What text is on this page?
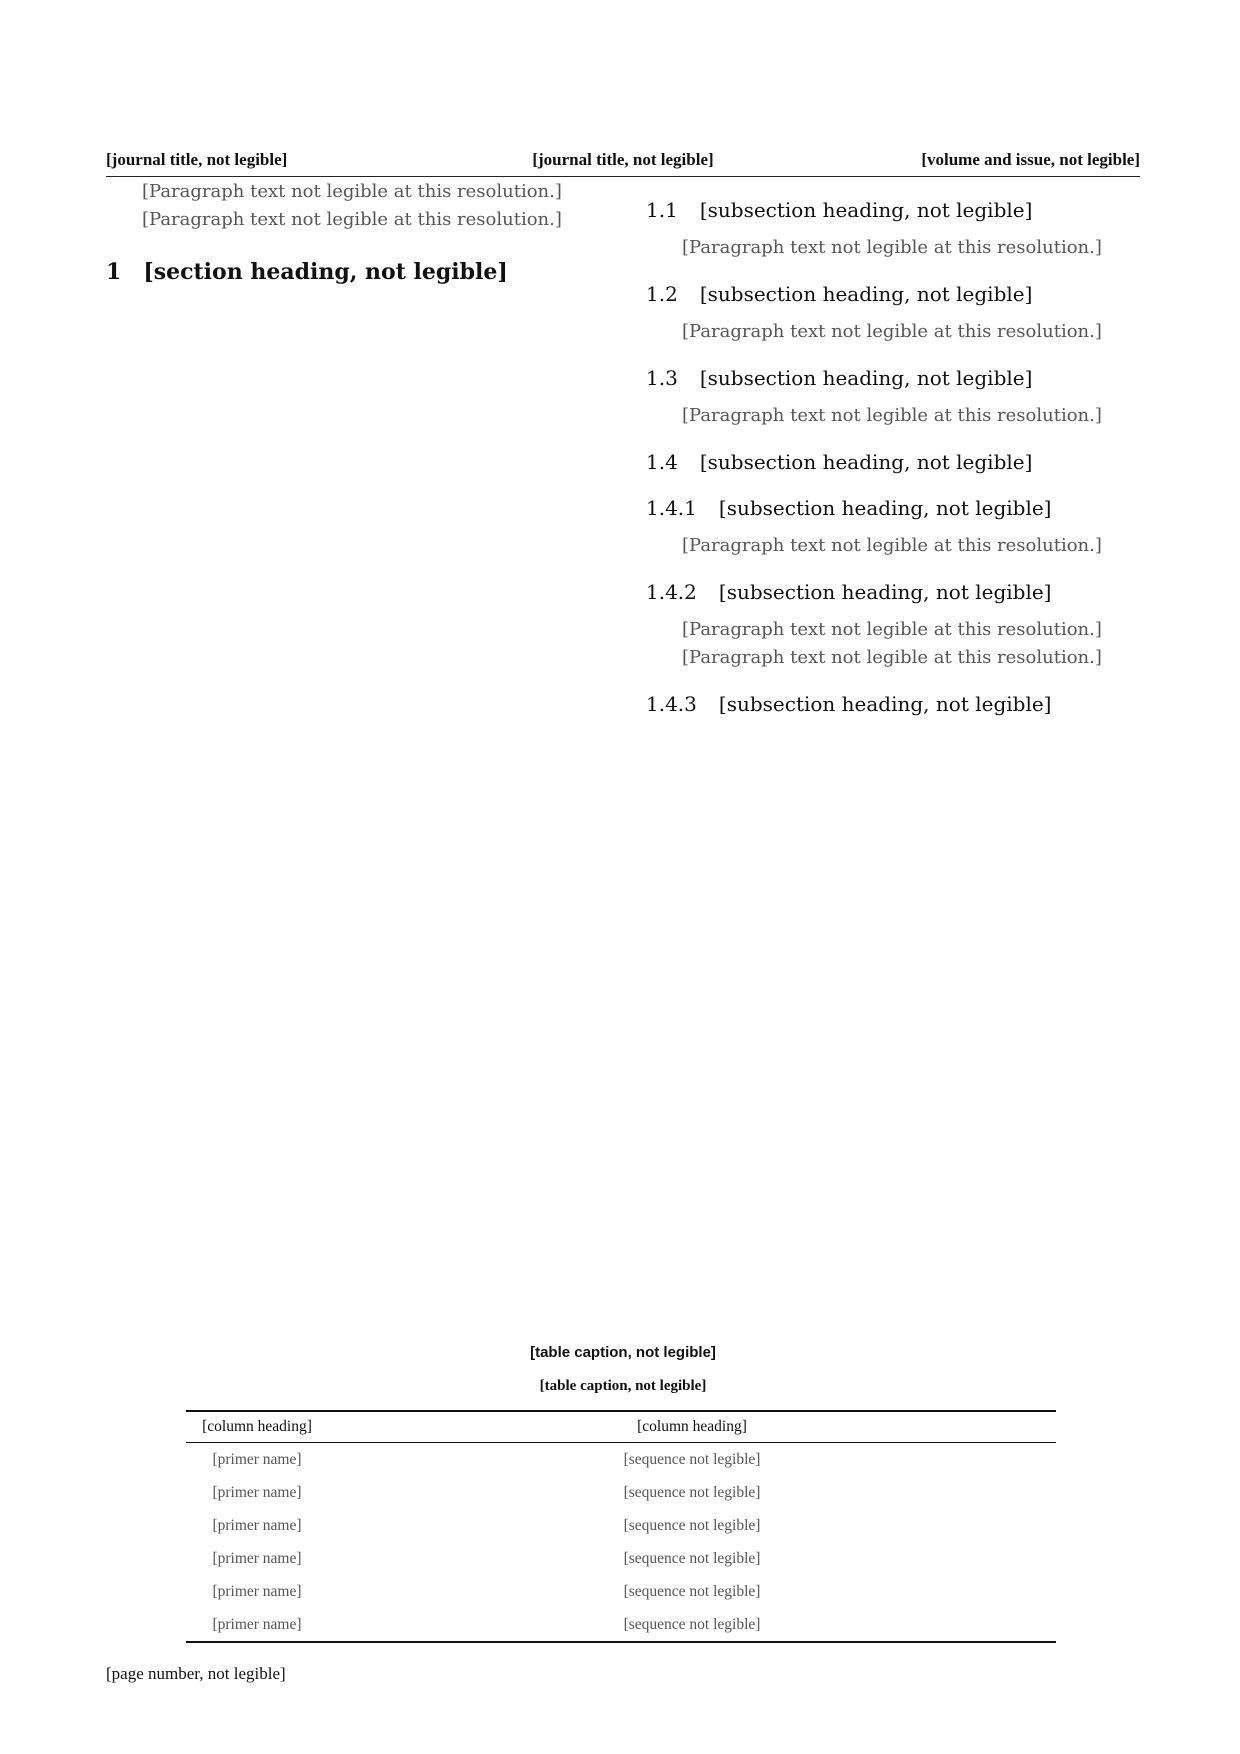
[journal title, not legible]	[journal title, not legible]	[volume and issue, not legible]

[Paragraph text not legible at this resolution.]

[Paragraph text not legible at this resolution.]

1 [section heading, not legible]
1.1 [subsection heading, not legible]

[Paragraph text not legible at this resolution.]

1.2 [subsection heading, not legible]

[Paragraph text not legible at this resolution.]

1.3 [subsection heading, not legible]

[Paragraph text not legible at this resolution.]

1.4 [subsection heading, not legible]
1.4.1 [subsection heading, not legible]

[Paragraph text not legible at this resolution.]

1.4.2 [subsection heading, not legible]

[Paragraph text not legible at this resolution.]

[Paragraph text not legible at this resolution.]

1.4.3 [subsection heading, not legible]
[table caption, not legible]
[table caption, not legible]
[column heading]	[column heading]
[primer name]	[sequence not legible]
[primer name]	[sequence not legible]
[primer name]	[sequence not legible]
[primer name]	[sequence not legible]
[primer name]	[sequence not legible]
[primer name]	[sequence not legible]
[page number, not legible]
